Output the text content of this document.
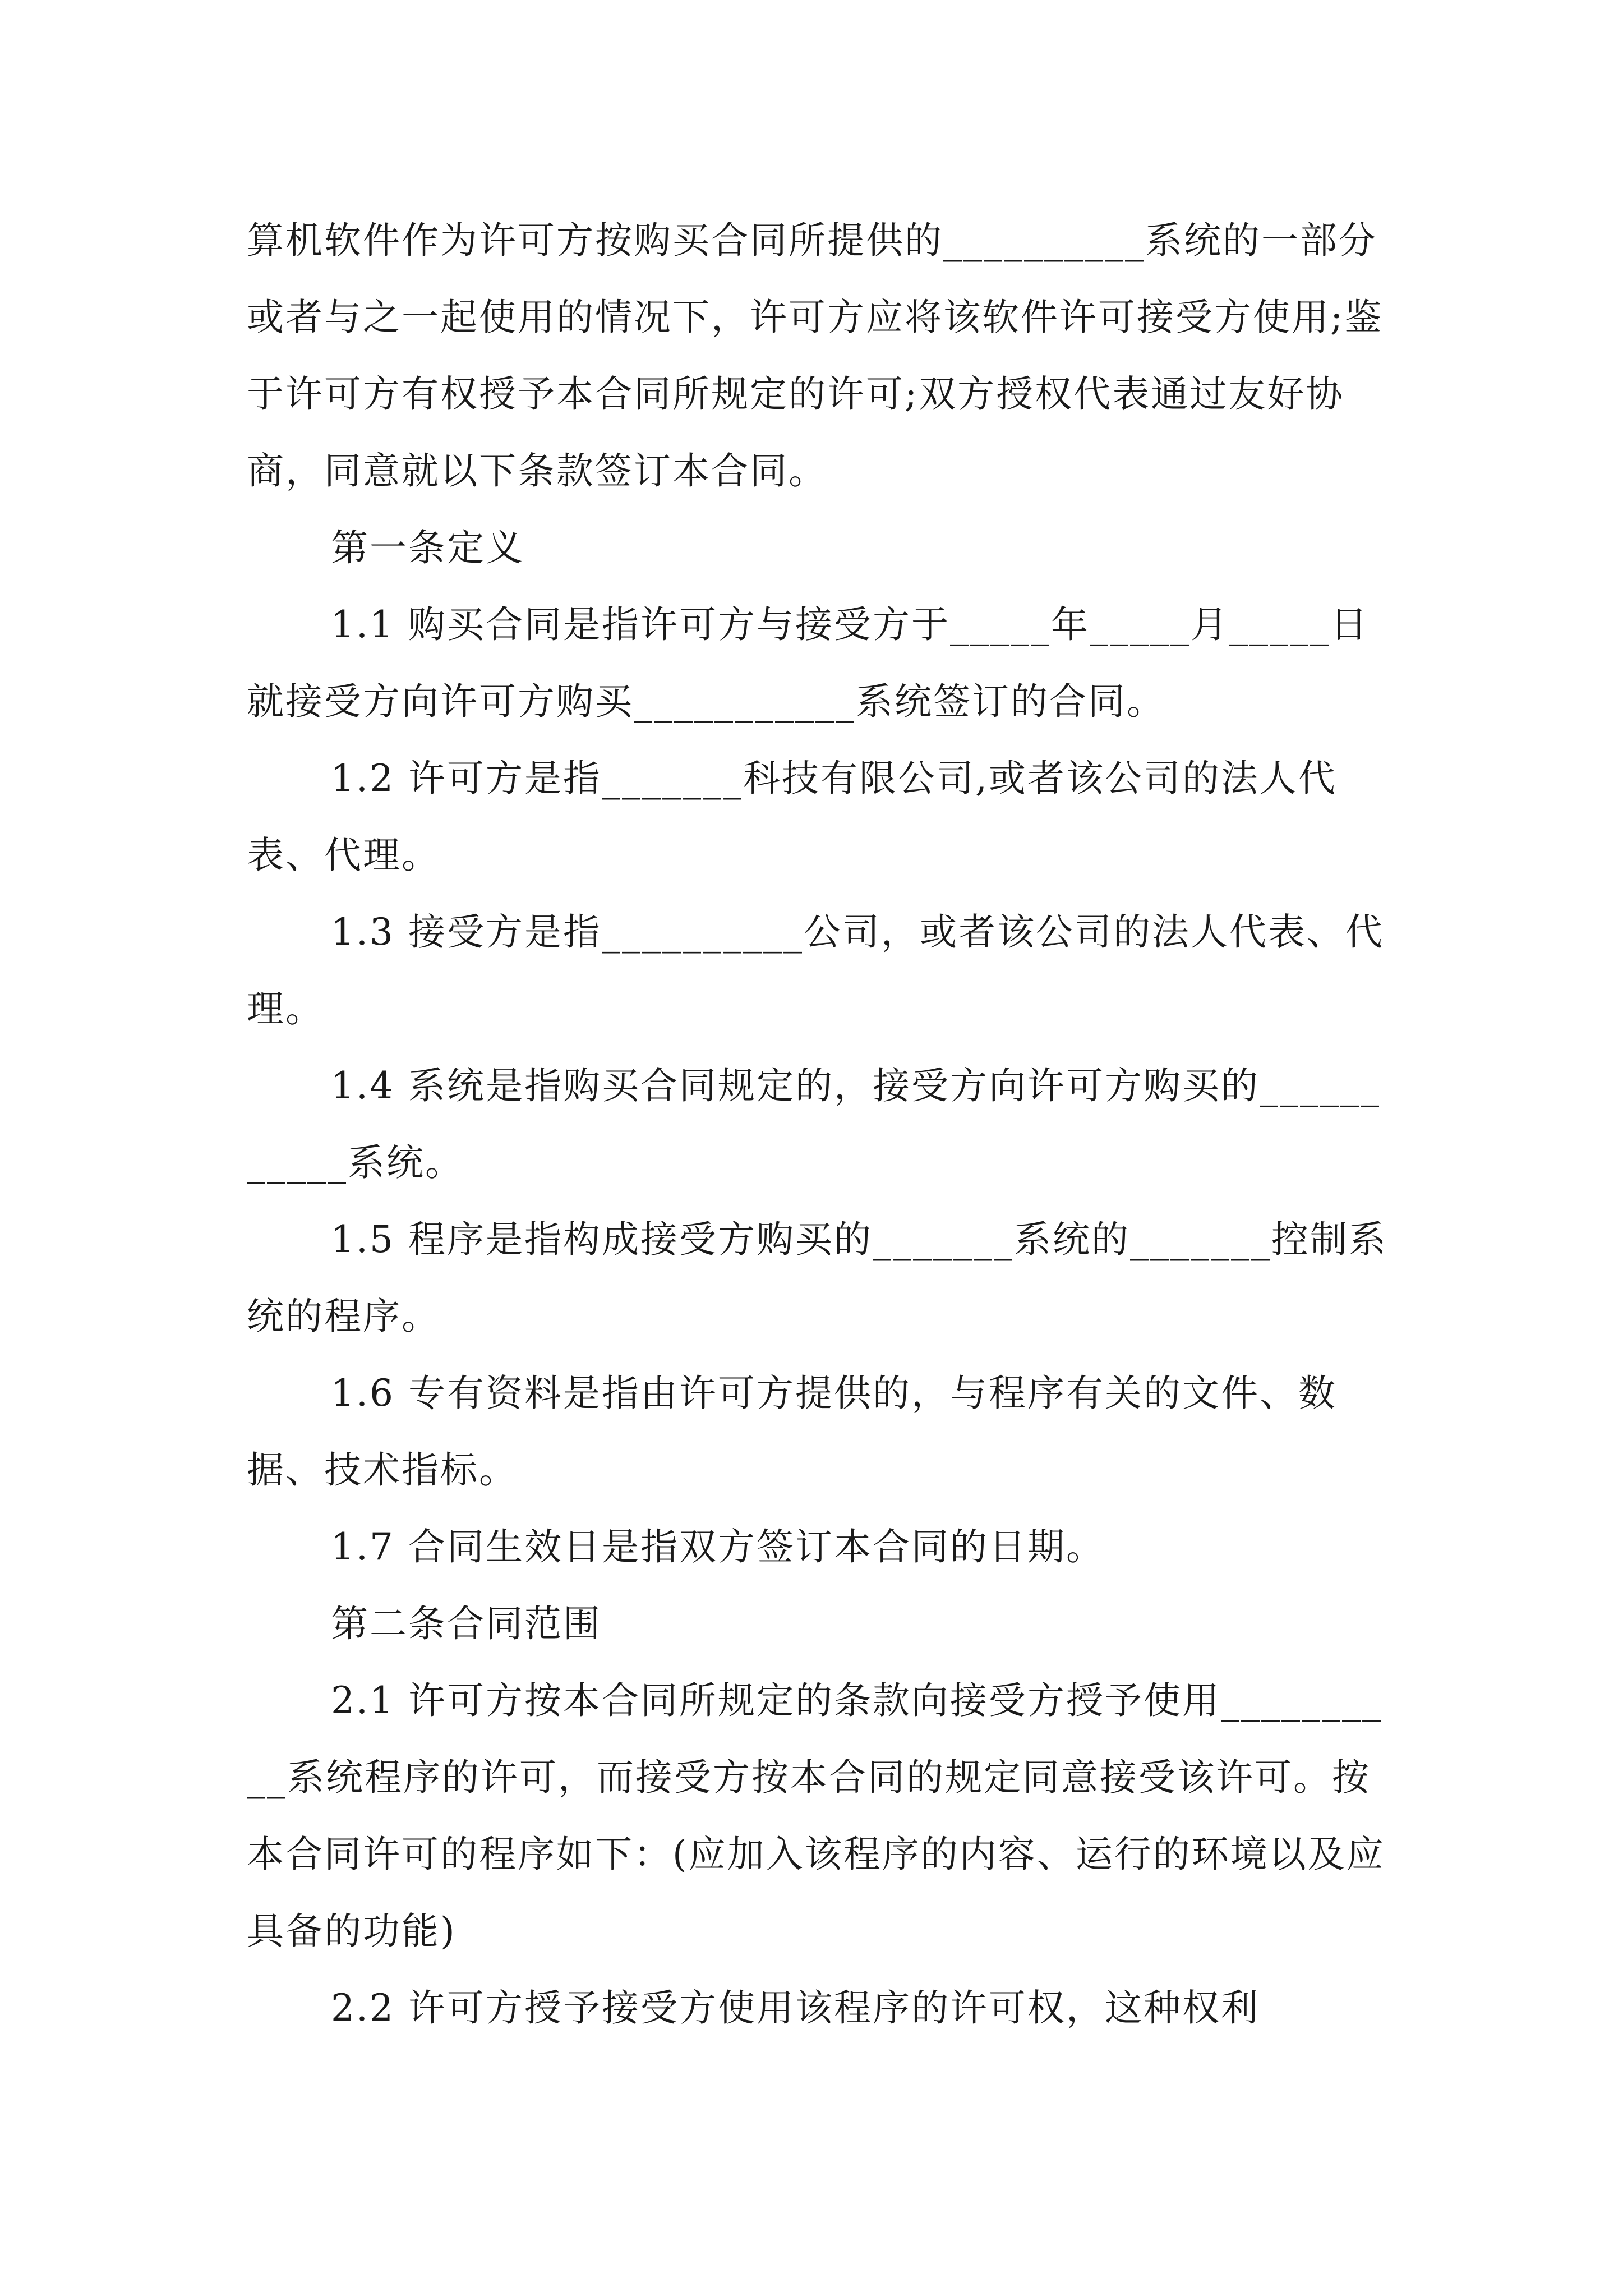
算机软件作为许可方按购买合同所提供的__________系统的一部分或者与之一起使用的情况下，许可方应将该软件许可接受方使用;鉴于许可方有权授予本合同所规定的许可;双方授权代表通过友好协商，同意就以下条款签订本合同。

第一条定义

1.1 购买合同是指许可方与接受方于_____年_____月_____日就接受方向许可方购买___________系统签订的合同。

1.2 许可方是指_______科技有限公司,或者该公司的法人代表、代理。

1.3 接受方是指__________公司，或者该公司的法人代表、代理。

1.4 系统是指购买合同规定的，接受方向许可方购买的___________系统。

1.5 程序是指构成接受方购买的_______系统的_______控制系统的程序。

1.6 专有资料是指由许可方提供的，与程序有关的文件、数据、技术指标。

1.7 合同生效日是指双方签订本合同的日期。

第二条合同范围

2.1 许可方按本合同所规定的条款向接受方授予使用__________系统程序的许可，而接受方按本合同的规定同意接受该许可。按本合同许可的程序如下：(应加入该程序的内容、运行的环境以及应具备的功能)

2.2 许可方授予接受方使用该程序的许可权，这种权利
